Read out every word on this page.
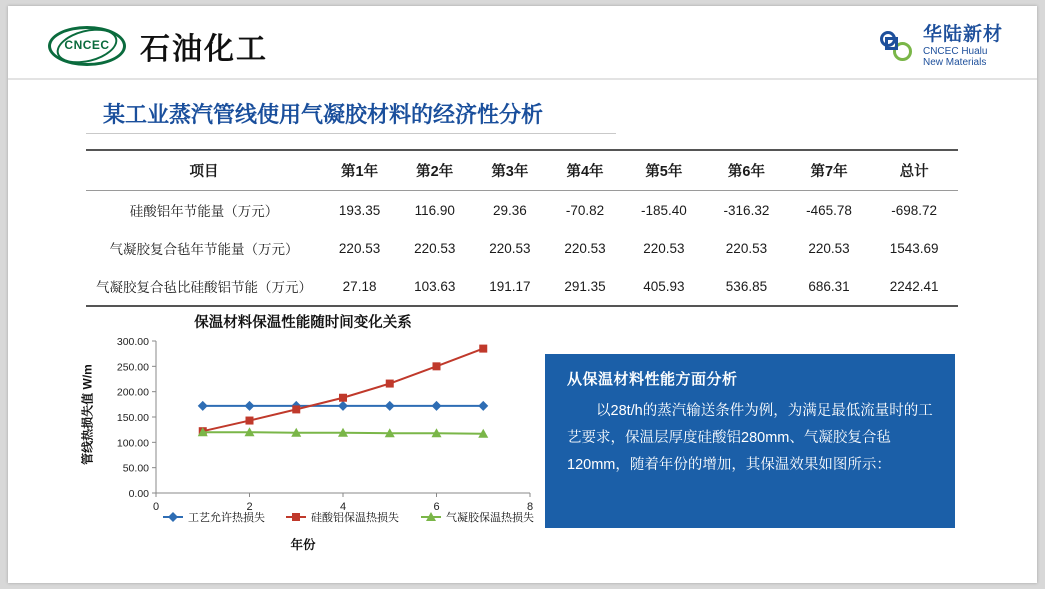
CNCEC	石油化工	华陆新材
CNCEC Hualu
New Materials
某工业蒸汽管线使用气凝胶材料的经济性分析
项目	第1年	第2年	第3年	第4年	第5年	第6年	第7年	总计
硅酸铝年节能量（万元）	193.35	116.90	29.36	-70.82	-185.40	-316.32	-465.78	-698.72
气凝胶复合毡年节能量（万元）	220.53	220.53	220.53	220.53	220.53	220.53	220.53	1543.69
气凝胶复合毡比硅酸铝节能（万元）	27.18	103.63	191.17	291.35	405.93	536.85	686.31	2242.41
保温材料保温性能随时间变化关系
管线热损失值 W/m
0.00
50.00
100.00
150.00
200.00
250.00
300.00
0	2	4	6	8
工艺允许热损失	硅酸铝保温热损失	气凝胶保温热损失
年份
从保温材料性能方面分析
以28t/h的蒸汽输送条件为例，为满足最低流量时的工艺要求，保温层厚度硅酸铝280mm、气凝胶复合毡120mm，随着年份的增加，其保温效果如图所示：
